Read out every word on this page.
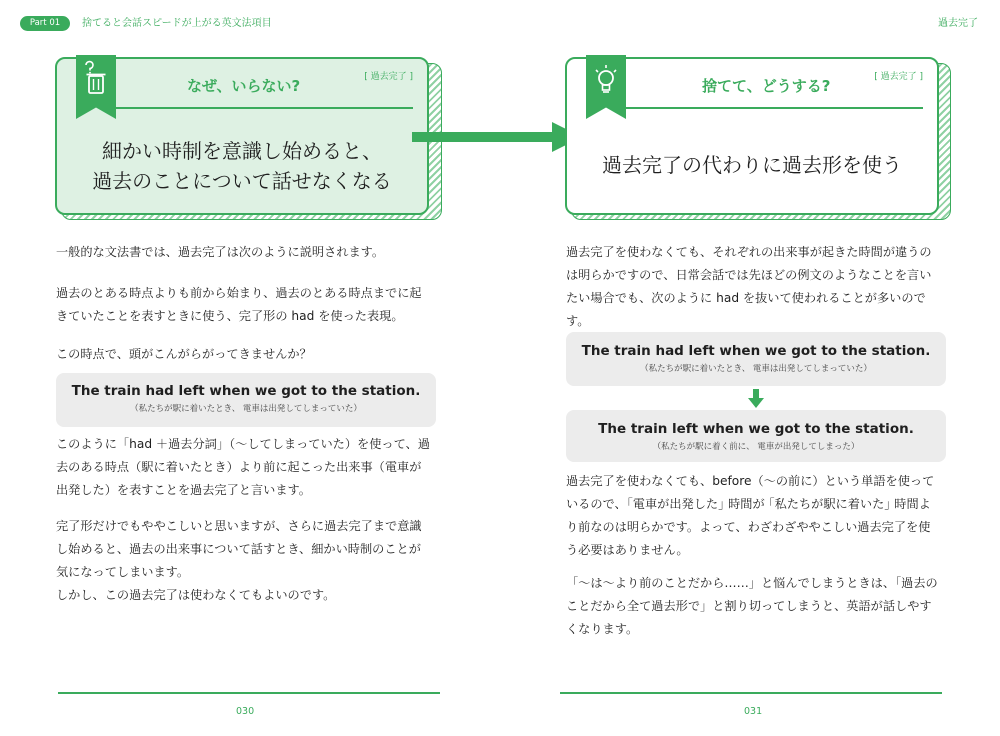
Part 01	捨てると会話スピードが上がる英文法項目	過去完了
なぜ、いらない?	[ 過去完了 ]
細かい時制を意識し始めると、
過去のことについて話せなくなる
捨てて、どうする?	[ 過去完了 ]
過去完了の代わりに過去形を使う
一般的な文法書では、過去完了は次のように説明されます。
過去のとある時点よりも前から始まり、過去のとある時点までに起
きていたことを表すときに使う、完了形の had を使った表現。
この時点で、頭がこんがらがってきませんか？
The train had left when we got to the station.
（私たちが駅に着いたとき、 電車は出発してしまっていた）
このように「had ＋過去分詞」（〜してしまっていた）を使って、過
去のある時点（駅に着いたとき）より前に起こった出来事（電車が
出発した）を表すことを過去完了と言います。
完了形だけでもややこしいと思いますが、さらに過去完了まで意識
し始めると、過去の出来事について話すとき、細かい時制のことが
気になってしまいます。
しかし、この過去完了は使わなくてもよいのです。
過去完了を使わなくても、それぞれの出来事が起きた時間が違うの
は明らかですので、日常会話では先ほどの例文のようなことを言い
たい場合でも、次のように had を抜いて使われることが多いので
す。
The train had left when we got to the station.
（私たちが駅に着いたとき、 電車は出発してしまっていた）
The train left when we got to the station.
（私たちが駅に着く前に、 電車が出発してしまった）
過去完了を使わなくても、before（〜の前に）という単語を使って
いるので、｢電車が出発した｣ 時間が ｢私たちが駅に着いた｣ 時間よ
り前なのは明らかです。よって、わざわざややこしい過去完了を使
う必要はありません。
「〜は〜より前のことだから……」と悩んでしまうときは、「過去の
ことだから全て過去形で」と割り切ってしまうと、英語が話しやす
くなります。
030	031
